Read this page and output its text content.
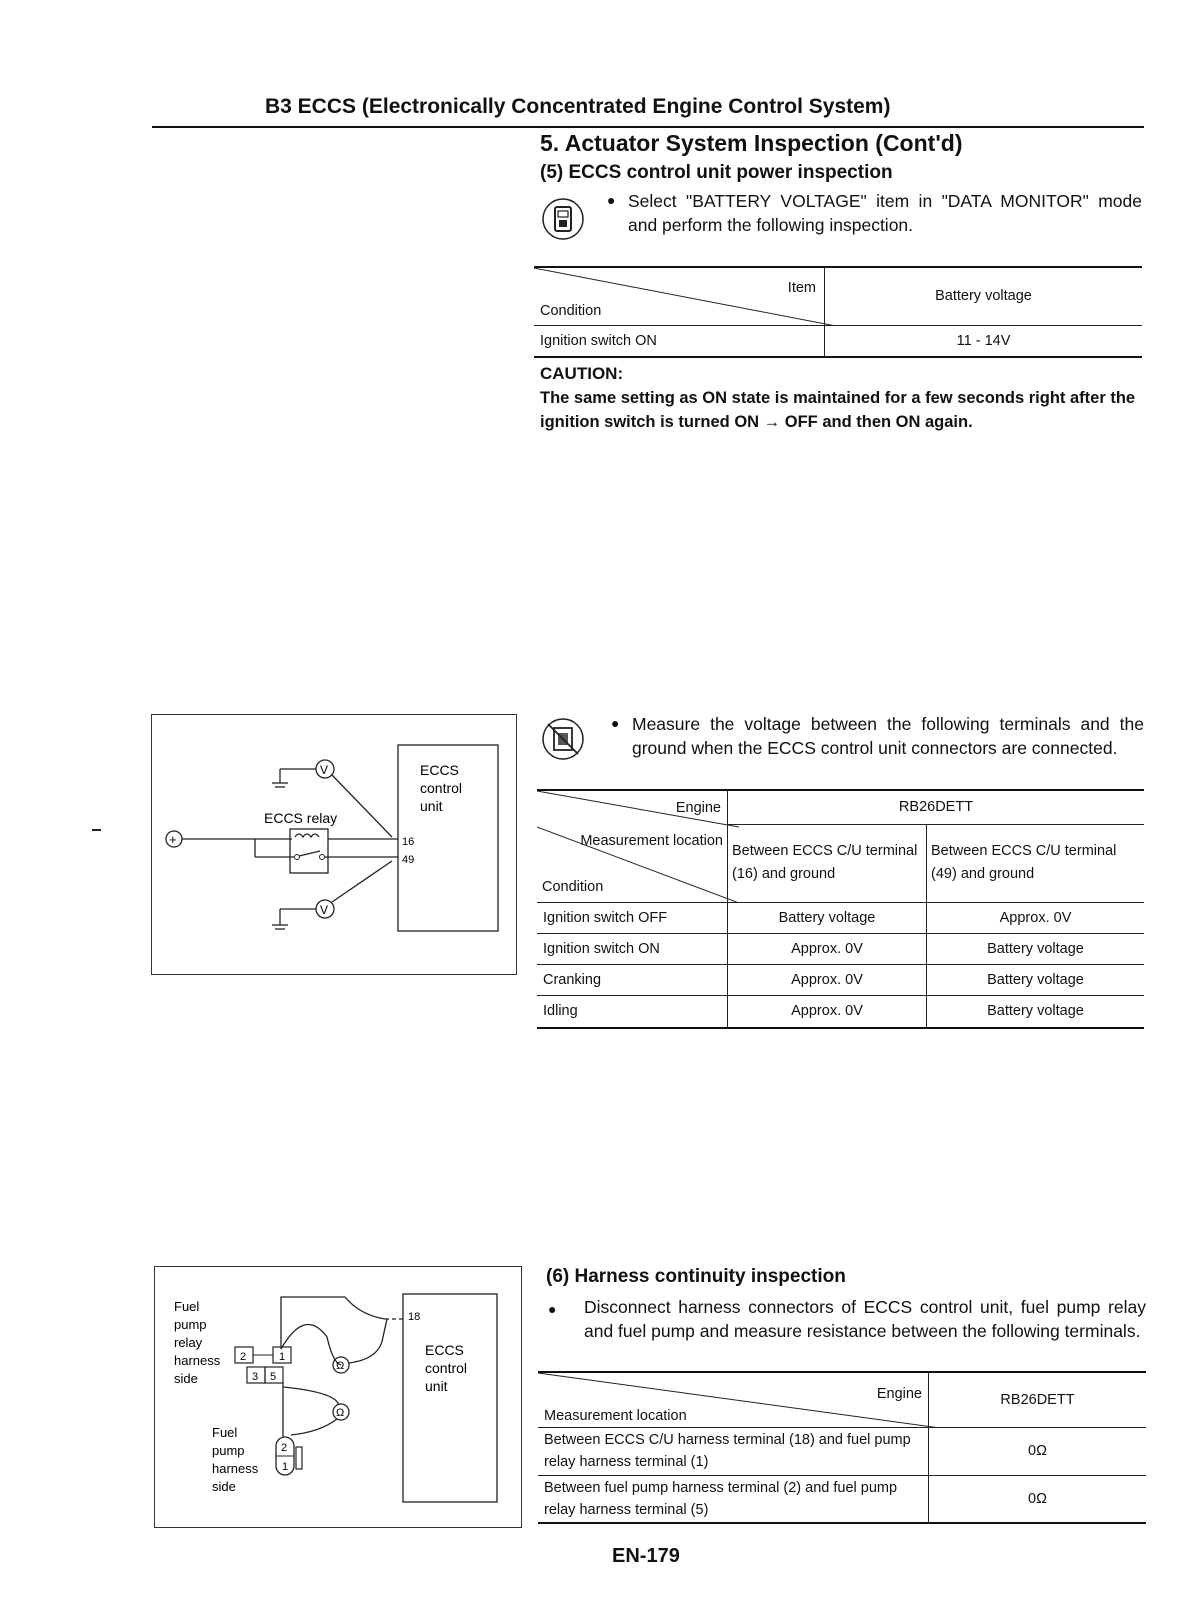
B3 ECCS (Electronically Concentrated Engine Control System)
5. Actuator System Inspection (Cont'd)
(5) ECCS control unit power inspection
● Select "BATTERY VOLTAGE" item in "DATA MONITOR" mode and perform the following inspection.
Item
Condition	Battery voltage
Ignition switch ON	11 - 14V
CAUTION:
The same setting as ON state is maintained for a few seconds right after the ignition switch is turned ON → OFF and then ON again.
ECCS
control
unit
+
ECCS relay
16
49
V
V
● Measure the voltage between the following terminals and the ground when the ECCS control unit connectors are connected.
Engine
Measurement location
Condition	RB26DETT	
	Between ECCS C/U terminal (16) and ground	Between ECCS C/U terminal (49) and ground
Ignition switch OFF	Battery voltage	Approx. 0V
Ignition switch ON	Approx. 0V	Battery voltage
Cranking	Approx. 0V	Battery voltage
Idling	Approx. 0V	Battery voltage
ECCS
control
unit
18
Fuel
pump
relay
harness
side
2	1
3 5
Ω
Ω
Fuel
pump
harness
side
2
1
(6) Harness continuity inspection
● Disconnect harness connectors of ECCS control unit, fuel pump relay and fuel pump and measure resistance between the following terminals.
Engine
Measurement location	RB26DETT
Between ECCS C/U harness terminal (18) and fuel pump relay harness terminal (1)	0Ω
Between fuel pump harness terminal (2) and fuel pump relay harness terminal (5)	0Ω
EN-179
